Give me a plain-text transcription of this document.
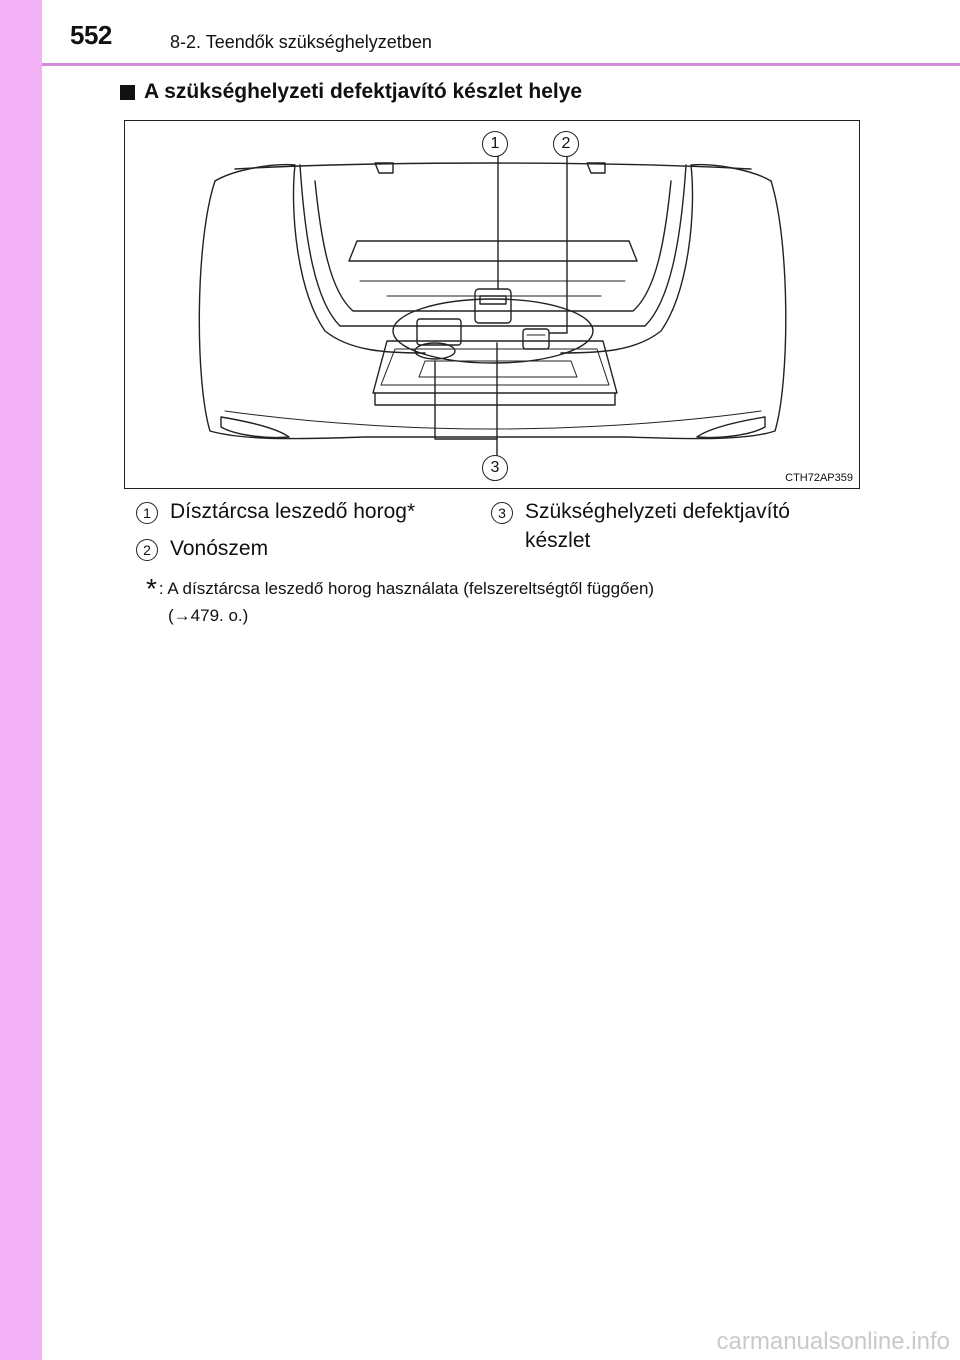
552	8-2. Teendők szükséghelyzetben
A szükséghelyzeti defektjavító készlet helye
1	2
3
CTH72AP359
1 Dísztárcsa leszedő horog*
2 Vonószem
3 Szükséghelyzeti defektjavító
készlet
* : A dísztárcsa leszedő horog használata (felszereltségtől függően)
(→479. o.)
carmanualsonline.info
